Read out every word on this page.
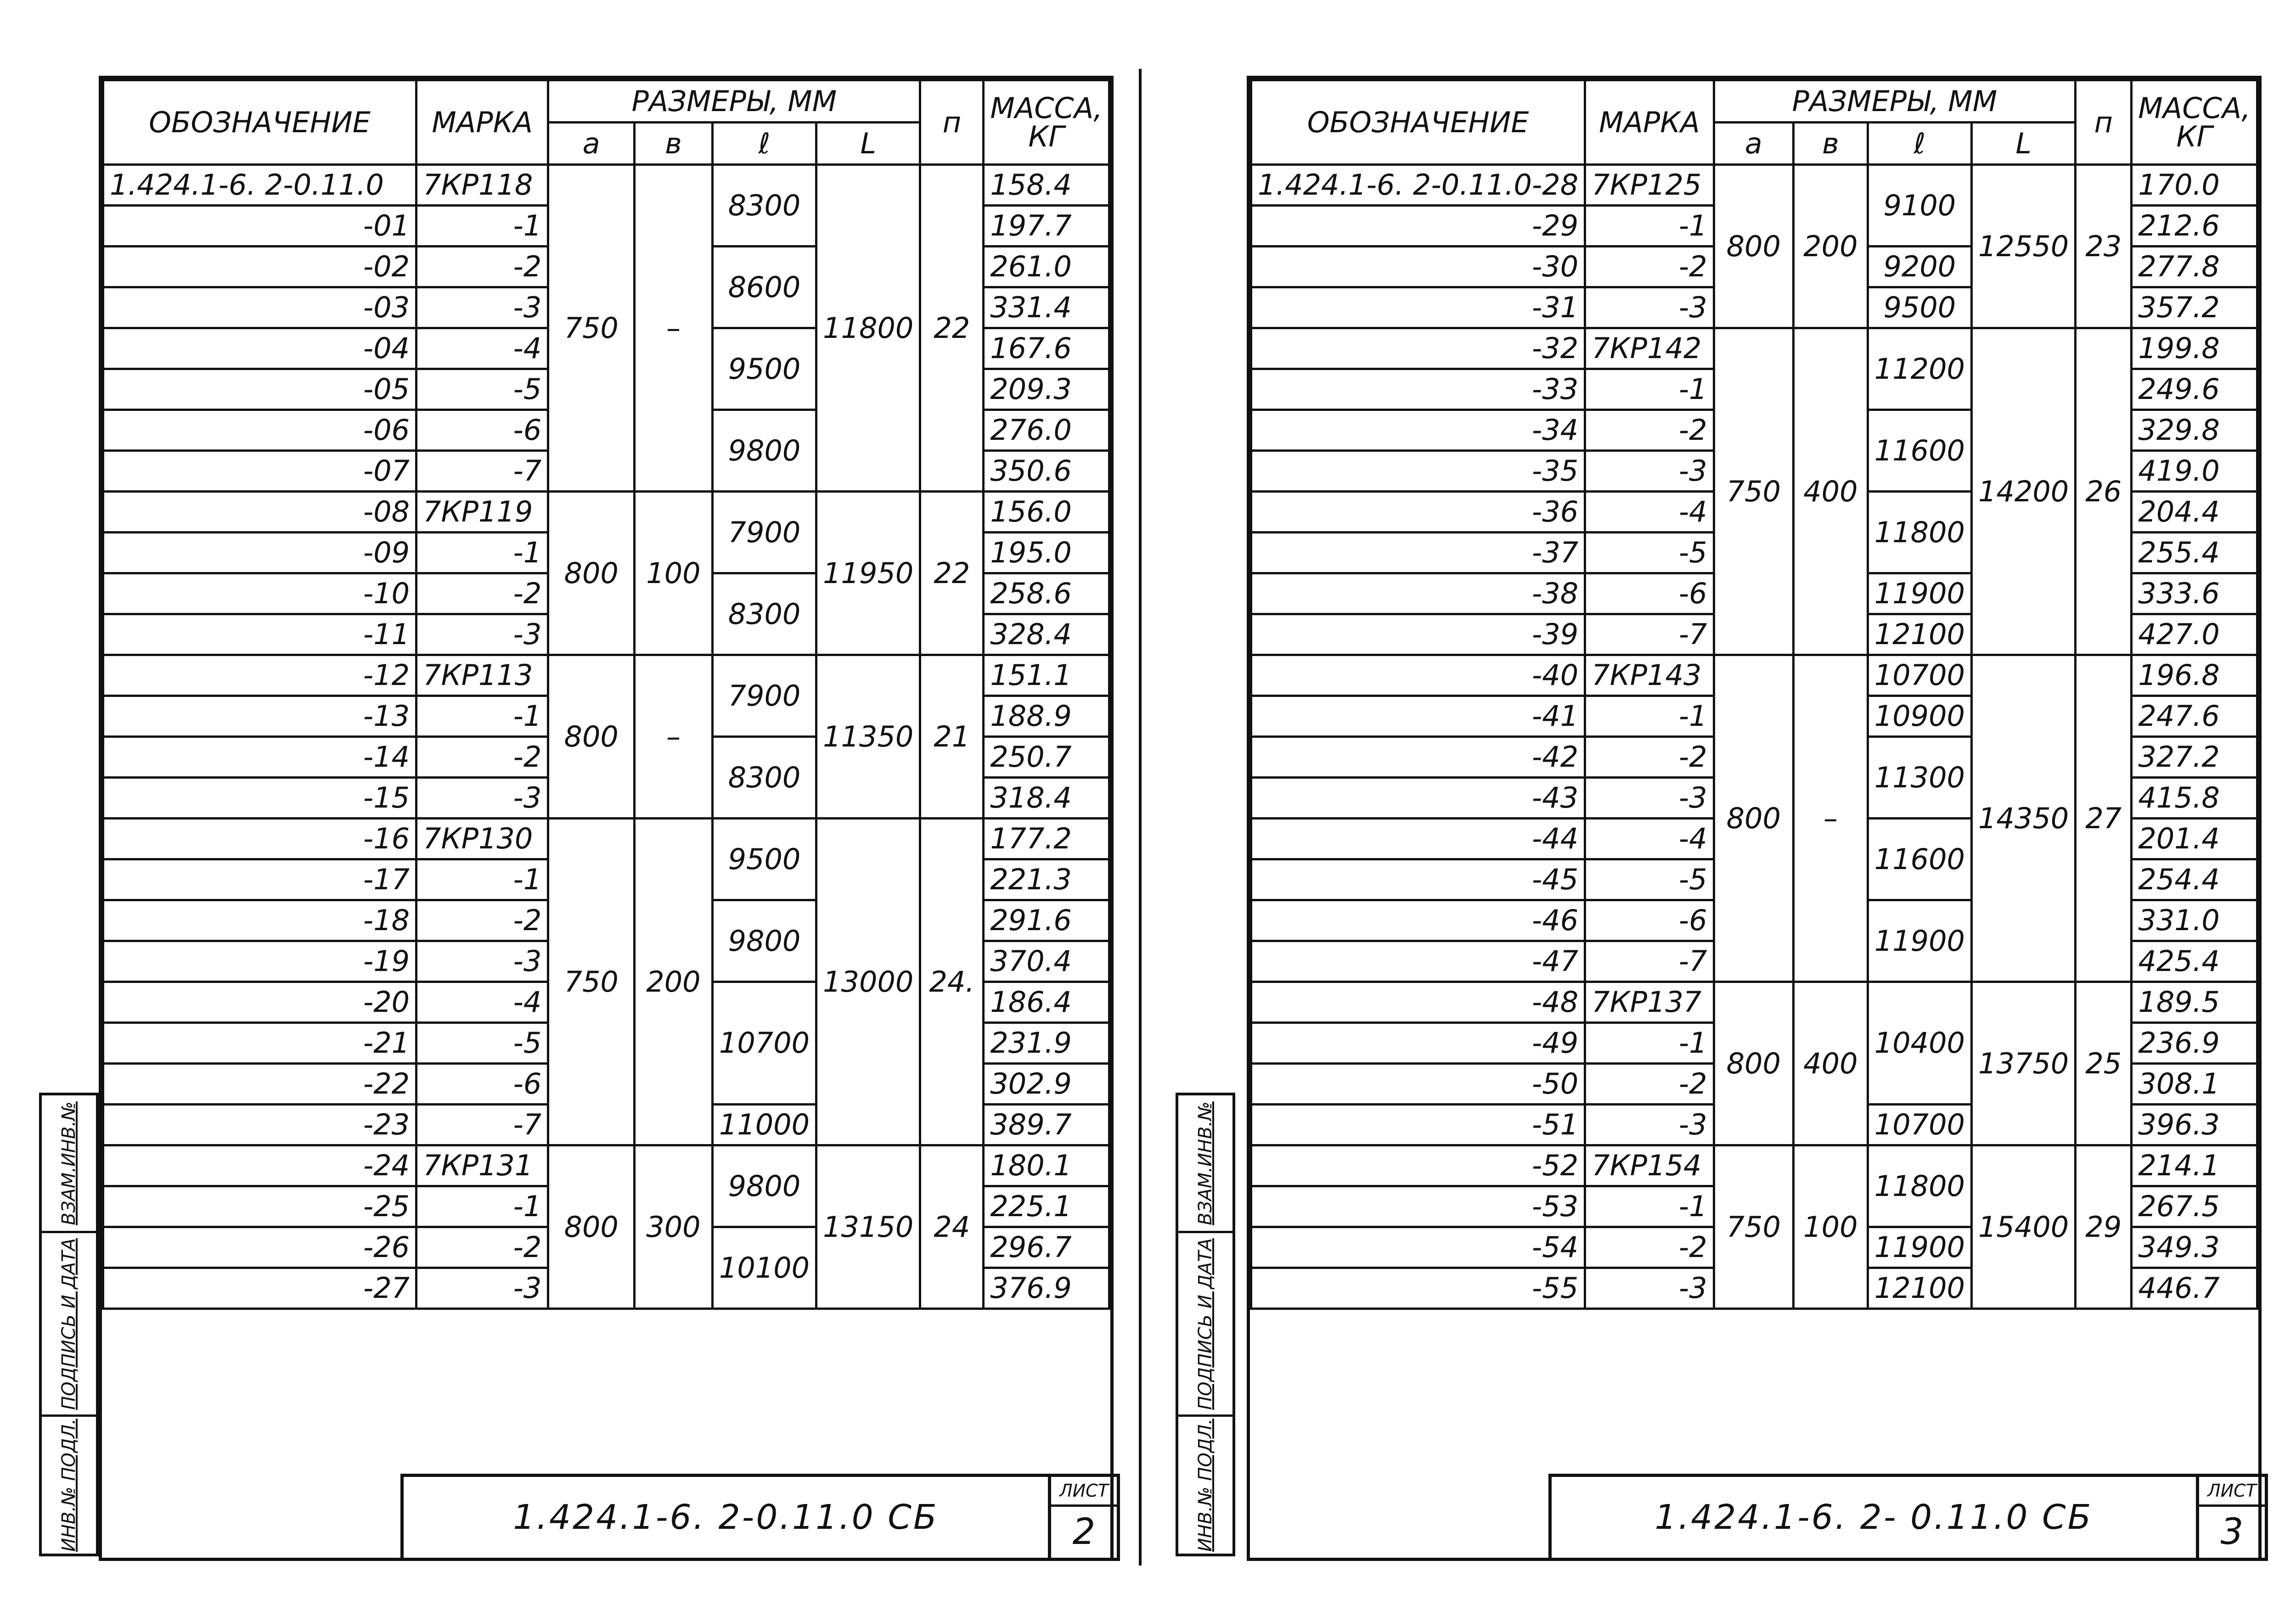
ОБОЗНАЧЕНИЕ	МАРКА	РАЗМЕРЫ, ММ				п	МАССА, КГ
		a	в	ℓ	L		
1.424.1-6. 2-0.11.0	7КР118	750	–	8300	11800	22	158.4
-01	-1						197.7
-02	-2			8600			261.0
-03	-3						331.4
-04	-4			9500			167.6
-05	-5						209.3
-06	-6			9800			276.0
-07	-7						350.6
-08	7КР119	800	100	7900	11950	22	156.0
-09	-1						195.0
-10	-2			8300			258.6
-11	-3						328.4
-12	7КР113	800	–	7900	11350	21	151.1
-13	-1						188.9
-14	-2			8300			250.7
-15	-3						318.4
-16	7КР130	750	200	9500	13000	24.	177.2
-17	-1						221.3
-18	-2			9800			291.6
-19	-3						370.4
-20	-4			10700			186.4
-21	-5						231.9
-22	-6						302.9
-23	-7			11000			389.7
-24	7КР131	800	300	9800	13150	24	180.1
-25	-1						225.1
-26	-2			10100			296.7
-27	-3						376.9
1.424.1-6. 2-0.11.0 СБ
ЛИСТ
2
ВЗАМ.ИНВ.№
ПОДПИСЬ И ДАТА
ИНВ.№ ПОДЛ.
ОБОЗНАЧЕНИЕ	МАРКА	РАЗМЕРЫ, ММ				п	МАССА, КГ
		a	в	ℓ	L		
1.424.1-6. 2-0.11.0-28	7КР125	800	200	9100	12550	23	170.0
-29	-1						212.6
-30	-2			9200			277.8
-31	-3			9500			357.2
-32	7КР142	750	400	11200	14200	26	199.8
-33	-1						249.6
-34	-2			11600			329.8
-35	-3						419.0
-36	-4			11800			204.4
-37	-5						255.4
-38	-6			11900			333.6
-39	-7			12100			427.0
-40	7КР143	800	–	10700	14350	27	196.8
-41	-1			10900			247.6
-42	-2			11300			327.2
-43	-3						415.8
-44	-4			11600			201.4
-45	-5						254.4
-46	-6			11900			331.0
-47	-7						425.4
-48	7КР137	800	400	10400	13750	25	189.5
-49	-1						236.9
-50	-2						308.1
-51	-3			10700			396.3
-52	7КР154	750	100	11800	15400	29	214.1
-53	-1						267.5
-54	-2			11900			349.3
-55	-3			12100			446.7
1.424.1-6. 2- 0.11.0 СБ
ЛИСТ
3
ВЗАМ.ИНВ.№
ПОДПИСЬ И ДАТА
ИНВ.№ ПОДЛ.
